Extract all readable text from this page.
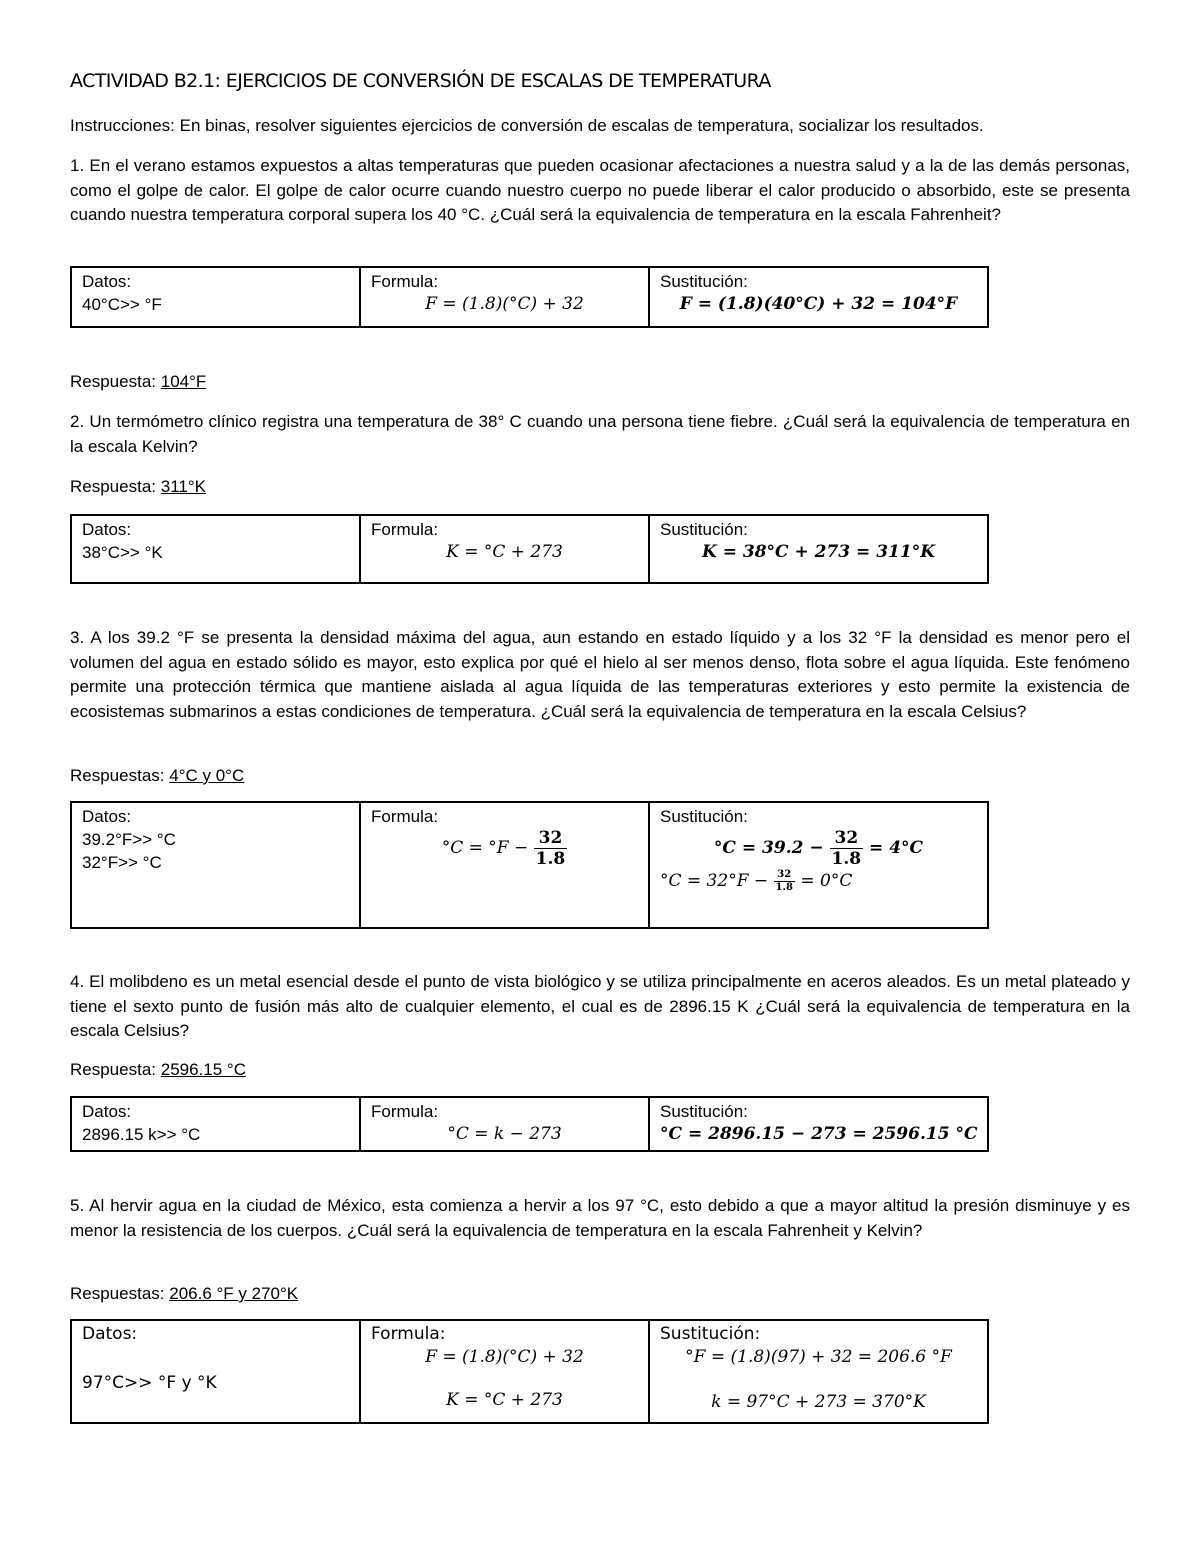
ACTIVIDAD B2.1: EJERCICIOS DE CONVERSIÓN DE ESCALAS DE TEMPERATURA

Instrucciones: En binas, resolver siguientes ejercicios de conversión de escalas de temperatura, socializar los resultados.

1. En el verano estamos expuestos a altas temperaturas que pueden ocasionar afectaciones a nuestra salud y a la de las demás personas, como el golpe de calor. El golpe de calor ocurre cuando nuestro cuerpo no puede liberar el calor producido o absorbido, este se presenta cuando nuestra temperatura corporal supera los 40 °C. ¿Cuál será la equivalencia de temperatura en la escala Fahrenheit?

Datos:
40°C>> °F

Formula:
F = (1.8)(°C) + 32

Sustitución:
F = (1.8)(40°C) + 32 = 104°F

Respuesta: 104°F

2. Un termómetro clínico registra una temperatura de 38° C cuando una persona tiene fiebre. ¿Cuál será la equivalencia de temperatura en la escala Kelvin?

Respuesta: 311°K

Datos:
38°C>> °K

Formula:
K = °C + 273

Sustitución:
K = 38°C + 273 = 311°K

3. A los 39.2 °F se presenta la densidad máxima del agua, aun estando en estado líquido y a los 32 °F la densidad es menor pero el volumen del agua en estado sólido es mayor, esto explica por qué el hielo al ser menos denso, flota sobre el agua líquida. Este fenómeno permite una protección térmica que mantiene aislada al agua líquida de las temperaturas exteriores y esto permite la existencia de ecosistemas submarinos a estas condiciones de temperatura. ¿Cuál será la equivalencia de temperatura en la escala Celsius?

Respuestas: 4°C y 0°C

Datos:
39.2°F>> °C
32°F>> °C

Formula:
$^\circ C = ^\circ F - \frac{32}{1.8}$

Sustitución:
$^\circ C = 39.2 - \frac{32}{1.8} = 4^\circ C$
$^\circ C = 32^\circ F - \frac{32}{1.8} = 0^\circ C$

4. El molibdeno es un metal esencial desde el punto de vista biológico y se utiliza principalmente en aceros aleados. Es un metal plateado y tiene el sexto punto de fusión más alto de cualquier elemento, el cual es de 2896.15 K ¿Cuál será la equivalencia de temperatura en la escala Celsius?

Respuesta: 2596.15 °C

Datos:
2896.15 k>> °C

Formula:
°C = k − 273

Sustitución:
°C = 2896.15 − 273 = 2596.15 °C

5. Al hervir agua en la ciudad de México, esta comienza a hervir a los 97 °C, esto debido a que a mayor altitud la presión disminuye y es menor la resistencia de los cuerpos. ¿Cuál será la equivalencia de temperatura en la escala Fahrenheit y Kelvin?

Respuestas: 206.6 °F y 270°K

Datos:
97°C>> °F y °K

Formula:
F = (1.8)(°C) + 32
K = °C + 273

Sustitución:
°F = (1.8)(97) + 32 = 206.6 °F
k = 97°C + 273 = 370°K
